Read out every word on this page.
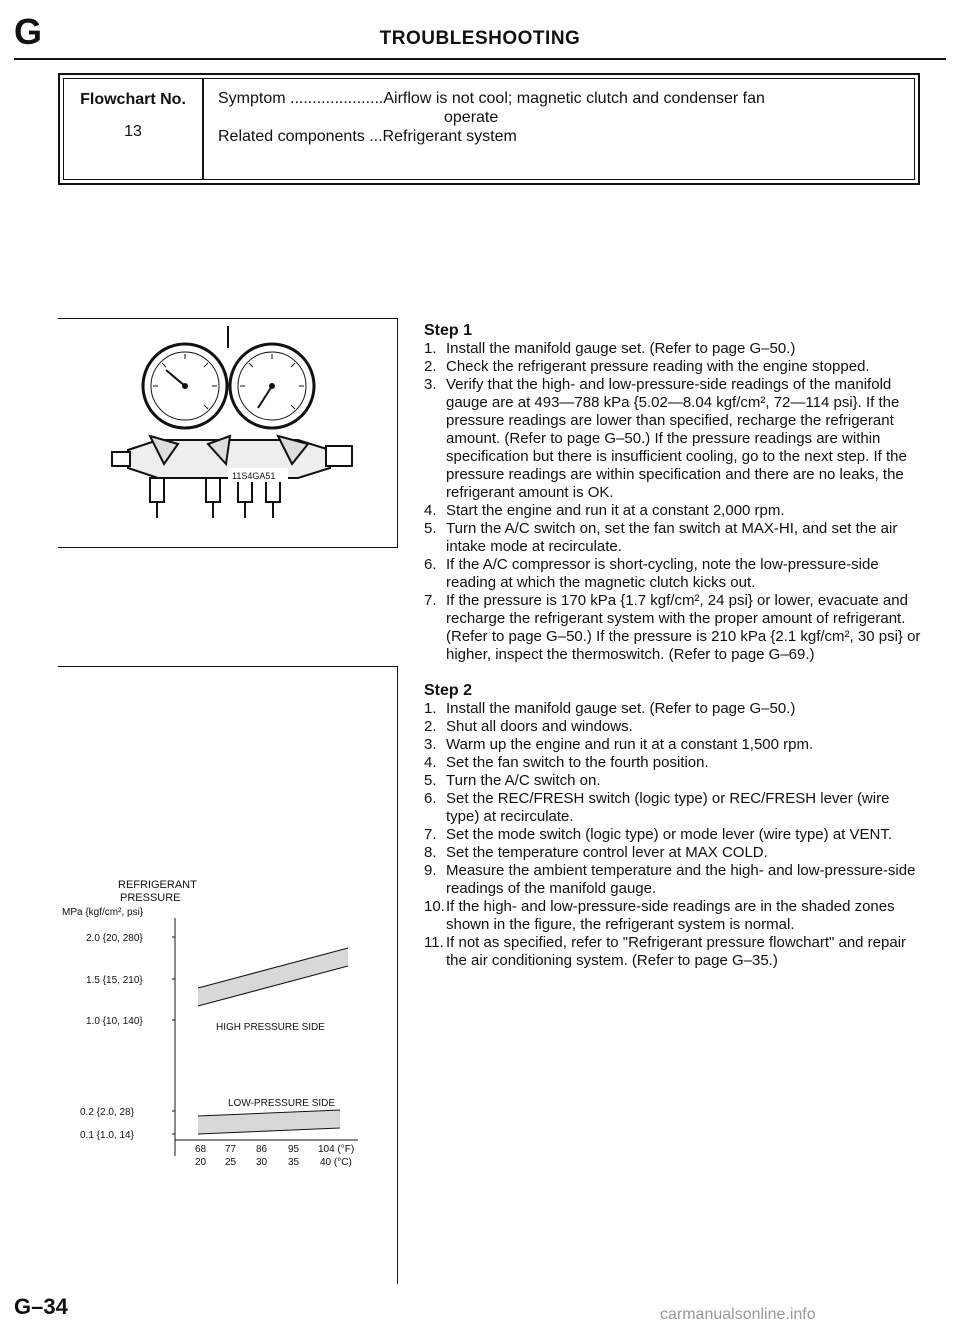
G	TROUBLESHOOTING
Flowchart No.
13
Symptom ..................... Airflow is not cool; magnetic clutch and condenser fan
operate
Related components ... Refrigerant system
11S4GA51
REFRIGERANT
PRESSURE
MPa {kgf/cm², psi}
2.0 {20, 280}
1.5 {15, 210}
1.0 {10, 140}
0.2 {2.0, 28}
0.1 {1.0, 14}
HIGH PRESSURE SIDE
LOW-PRESSURE SIDE
68 77 86 95 104 (°F)
20 25 30 35 40 (°C)
Step 1
1. Install the manifold gauge set. (Refer to page G–50.)
2. Check the refrigerant pressure reading with the engine stopped.
3. Verify that the high- and low-pressure-side readings of the manifold gauge are at 493—788 kPa {5.02—8.04 kgf/cm², 72—114 psi}. If the pressure readings are lower than specified, recharge the refrigerant amount. (Refer to page G–50.) If the pressure readings are within specification but there is insufficient cooling, go to the next step. If the pressure readings are within specification and there are no leaks, the refrigerant amount is OK.
4. Start the engine and run it at a constant 2,000 rpm.
5. Turn the A/C switch on, set the fan switch at MAX-HI, and set the air intake mode at recirculate.
6. If the A/C compressor is short-cycling, note the low-pressure-side reading at which the magnetic clutch kicks out.
7. If the pressure is 170 kPa {1.7 kgf/cm², 24 psi} or lower, evacuate and recharge the refrigerant system with the proper amount of refrigerant. (Refer to page G–50.) If the pressure is 210 kPa {2.1 kgf/cm², 30 psi} or higher, inspect the thermoswitch. (Refer to page G–69.)
Step 2
1. Install the manifold gauge set. (Refer to page G–50.)
2. Shut all doors and windows.
3. Warm up the engine and run it at a constant 1,500 rpm.
4. Set the fan switch to the fourth position.
5. Turn the A/C switch on.
6. Set the REC/FRESH switch (logic type) or REC/FRESH lever (wire type) at recirculate.
7. Set the mode switch (logic type) or mode lever (wire type) at VENT.
8. Set the temperature control lever at MAX COLD.
9. Measure the ambient temperature and the high- and low-pressure-side readings of the manifold gauge.
10. If the high- and low-pressure-side readings are in the shaded zones shown in the figure, the refrigerant system is normal.
11. If not as specified, refer to "Refrigerant pressure flowchart" and repair the air conditioning system. (Refer to page G–35.)
G–34	carmanualsonline.info
